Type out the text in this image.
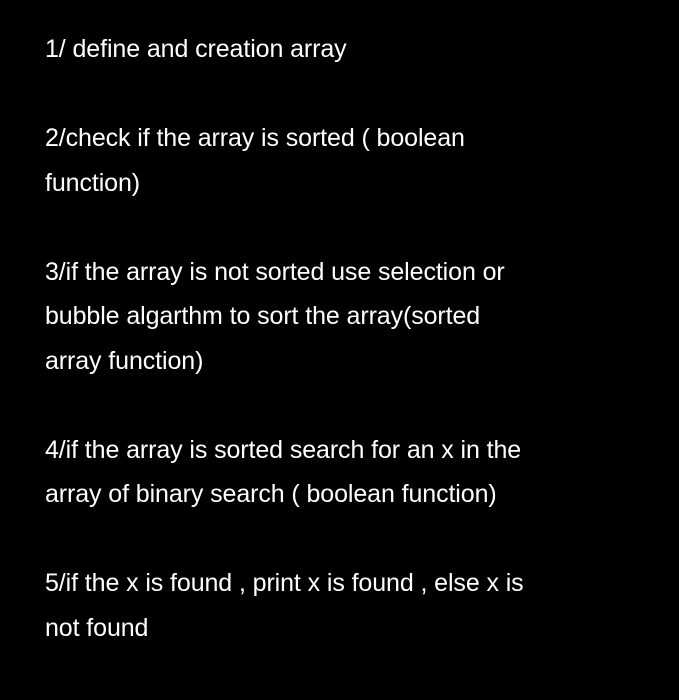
1/ define and creation array
2/check if the array is sorted ( boolean
function)
3/if the array is not sorted use selection or
bubble algarthm to sort the array(sorted
array function)
4/if the array is sorted search for an x in the
array of binary search ( boolean function)
5/if the x is found , print x is found , else x is
not found
